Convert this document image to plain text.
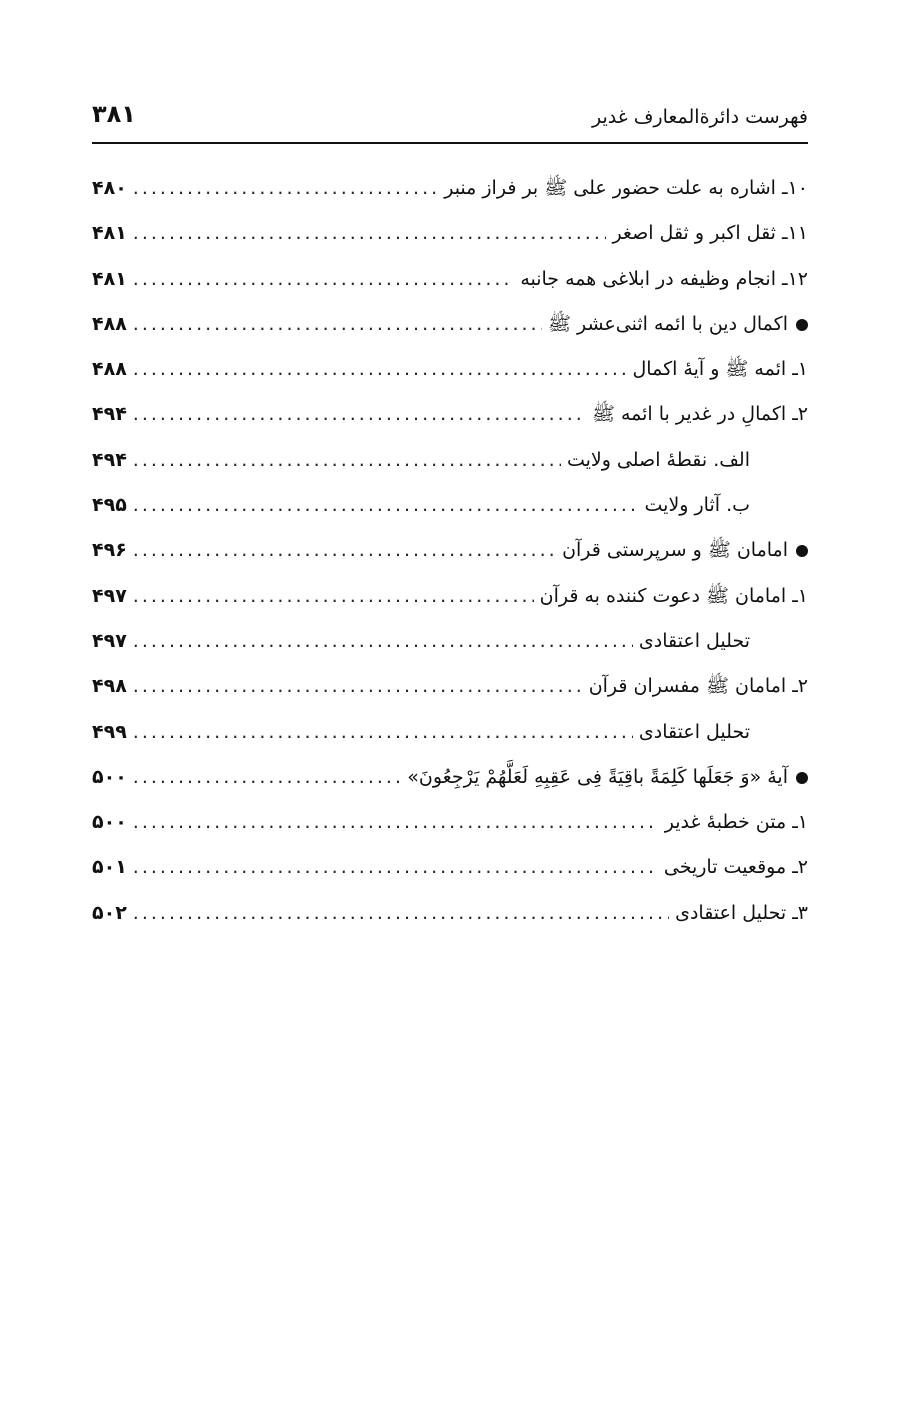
فهرست دائرةالمعارف غدیر
۳۸۱
۱۰ـ اشاره به علت حضور علی ﷺ بر فراز منبر
.....
۴۸۰
۱۱ـ ثقل اکبر و ثقل اصغر
.....
۴۸۱
۱۲ـ انجام وظیفه در ابلاغی همه جانبه
.....
۴۸۱
اکمال دین با ائمه اثنی‌عشر ﷺ
.....
۴۸۸
۱ـ ائمه ﷺ و آیهٔ اکمال
.....
۴۸۸
۲ـ اکمالِ در غدیر با ائمه ﷺ
.....
۴۹۴
الف. نقطهٔ اصلی ولایت
.....
۴۹۴
ب. آثار ولایت
.....
۴۹۵
امامان ﷺ و سرپرستی قرآن
.....
۴۹۶
۱ـ امامان ﷺ دعوت کننده به قرآن
.....
۴۹۷
تحلیل اعتقادی
.....
۴۹۷
۲ـ امامان ﷺ مفسران قرآن
.....
۴۹۸
تحلیل اعتقادی
.....
۴۹۹
آیهٔ «وَ جَعَلَها کَلِمَةً باقِیَةً فِی عَقِبِهِ لَعَلَّهُمْ یَرْجِعُونَ»
.....
۵۰۰
۱ـ متن خطبهٔ غدیر
.....
۵۰۰
۲ـ موقعیت تاریخی
.....
۵۰۱
۳ـ تحلیل اعتقادی
.....
۵۰۲
